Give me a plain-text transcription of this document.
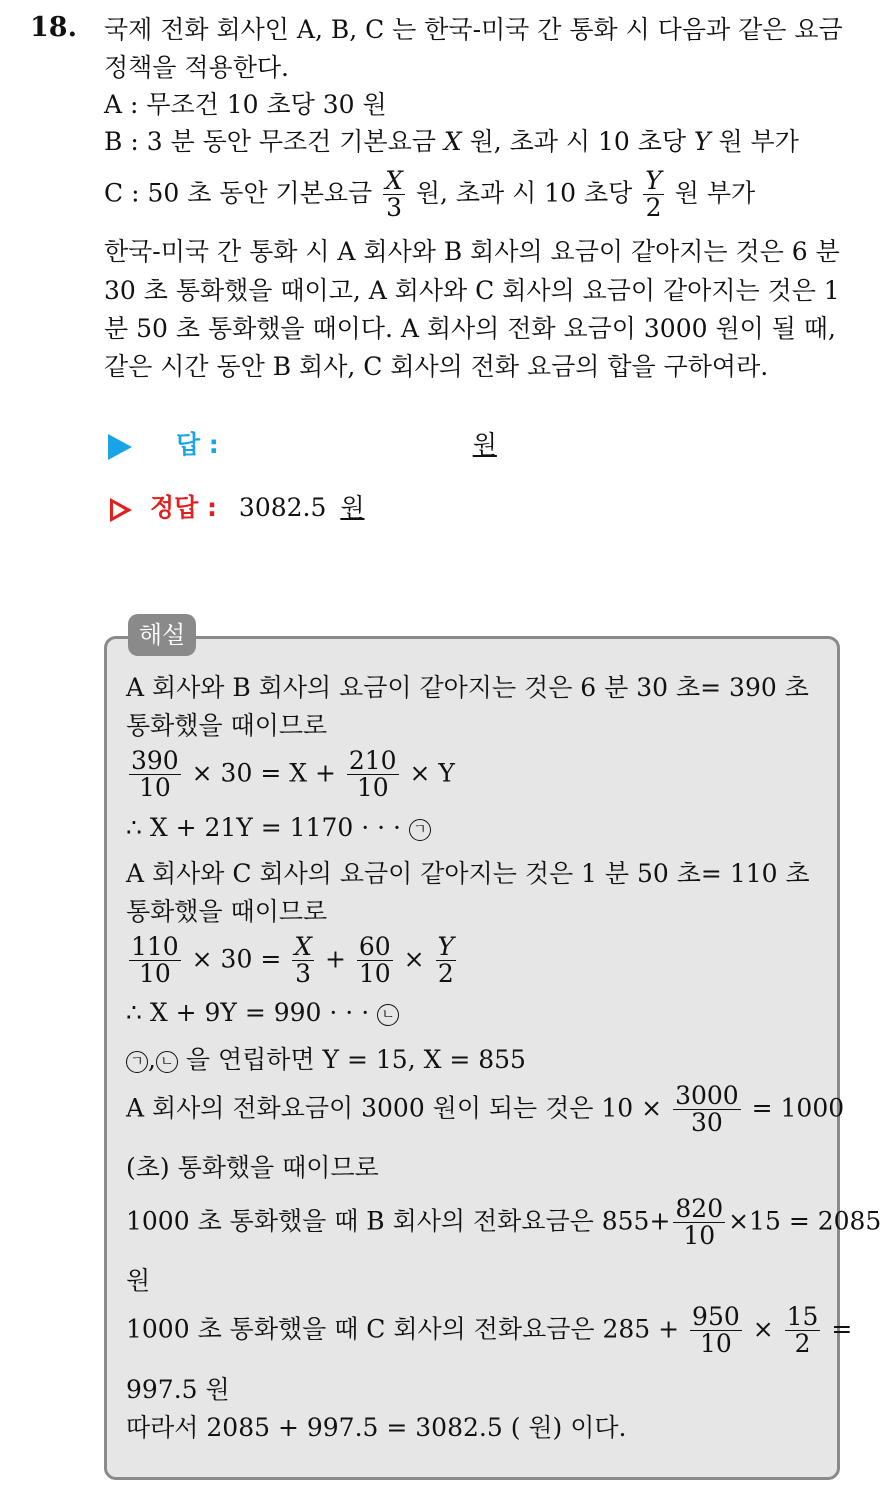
18. 국제 전화 회사인 A, B, C 는 한국-미국 간 통화 시 다음과 같은 요금
정책을 적용한다.
A : 무조건 10 초당 30 원
B : 3 분 동안 무조건 기본요금 X 원, 초과 시 10 초당 Y 원 부가
C : 50 초 동안 기본요금 $\frac{X}{3}$ 원, 초과 시 10 초당 $\frac{Y}{2}$ 원 부가
한국-미국 간 통화 시 A 회사와 B 회사의 요금이 같아지는 것은 6 분
30 초 통화했을 때이고, A 회사와 C 회사의 요금이 같아지는 것은 1
분 50 초 통화했을 때이다. A 회사의 전화 요금이 3000 원이 될 때,
같은 시간 동안 B 회사, C 회사의 전화 요금의 합을 구하여라.
답 :	원
정답 : 3082.5 원
해설
A 회사와 B 회사의 요금이 같아지는 것은 6 분 30 초= 390 초
통화했을 때이므로
$\frac{390}{10} \times 30 = X + \frac{210}{10} \times Y$
∴ X + 21Y = 1170 · · · ㄱ
A 회사와 C 회사의 요금이 같아지는 것은 1 분 50 초= 110 초
통화했을 때이므로
$\frac{110}{10} \times 30 = \frac{X}{3} + \frac{60}{10} \times \frac{Y}{2}$
∴ X + 9Y = 990 · · · ㄴ
ㄱ , ㄴ 을 연립하면 Y = 15, X = 855
A 회사의 전화요금이 3000 원이 되는 것은 $10 \times \frac{3000}{30} = 1000$
(초) 통화했을 때이므로
1000 초 통화했을 때 B 회사의 전화요금은 $855+ \frac{820}{10} \times 15 = 2085$
원
1000 초 통화했을 때 C 회사의 전화요금은 $285 + \frac{950}{10} \times \frac{15}{2}$ =
997.5 원
따라서 2085 + 997.5 = 3082.5 ( 원) 이다.
